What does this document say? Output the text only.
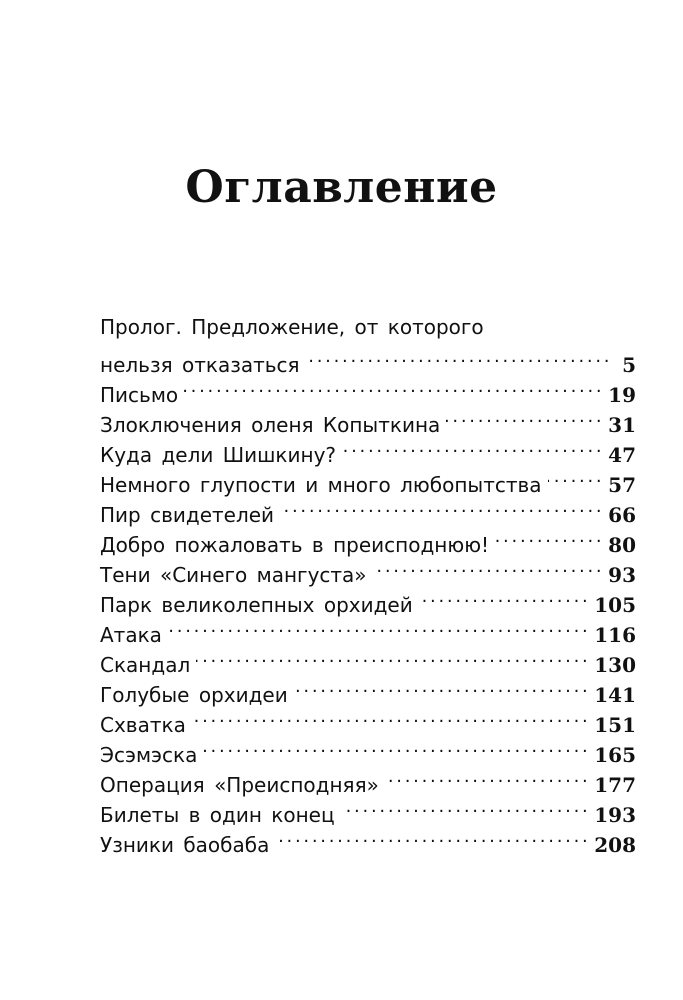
Оглавление
Пролог. Предложение, от которого
нельзя отказаться . . .	5
Письмо . . .	19
Злоключения оленя Копыткина . . .	31
Куда дели Шишкину? . . .	47
Немного глупости и много любопытства . . .	57
Пир свидетелей . . .	66
Добро пожаловать в преисподнюю! . . .	80
Тени «Синего мангуста» . . .	93
Парк великолепных орхидей . . .	105
Атака . . .	116
Скандал . . .	130
Голубые орхидеи . . .	141
Схватка . . .	151
Эсэмэска . . .	165
Операция «Преисподняя» . . .	177
Билеты в один конец . . .	193
Узники баобаба . . .	208
